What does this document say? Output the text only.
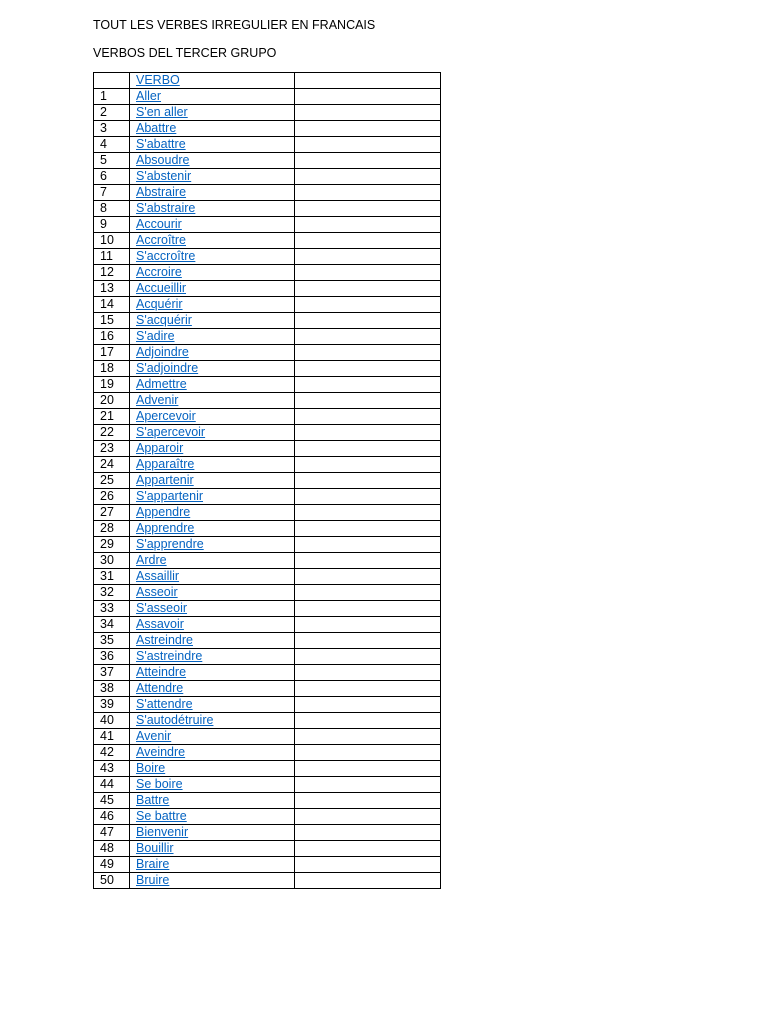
TOUT LES VERBES IRREGULIER EN FRANCAIS
VERBOS DEL TERCER GRUPO
	VERBO	
1	Aller	
2	S'en aller	
3	Abattre	
4	S'abattre	
5	Absoudre	
6	S'abstenir	
7	Abstraire	
8	S'abstraire	
9	Accourir	
10	Accroître	
11	S'accroître	
12	Accroire	
13	Accueillir	
14	Acquérir	
15	S'acquérir	
16	S'adire	
17	Adjoindre	
18	S'adjoindre	
19	Admettre	
20	Advenir	
21	Apercevoir	
22	S'apercevoir	
23	Apparoir	
24	Apparaître	
25	Appartenir	
26	S'appartenir	
27	Appendre	
28	Apprendre	
29	S'apprendre	
30	Ardre	
31	Assaillir	
32	Asseoir	
33	S'asseoir	
34	Assavoir	
35	Astreindre	
36	S'astreindre	
37	Atteindre	
38	Attendre	
39	S'attendre	
40	S'autodétruire	
41	Avenir	
42	Aveindre	
43	Boire	
44	Se boire	
45	Battre	
46	Se battre	
47	Bienvenir	
48	Bouillir	
49	Braire	
50	Bruire	
